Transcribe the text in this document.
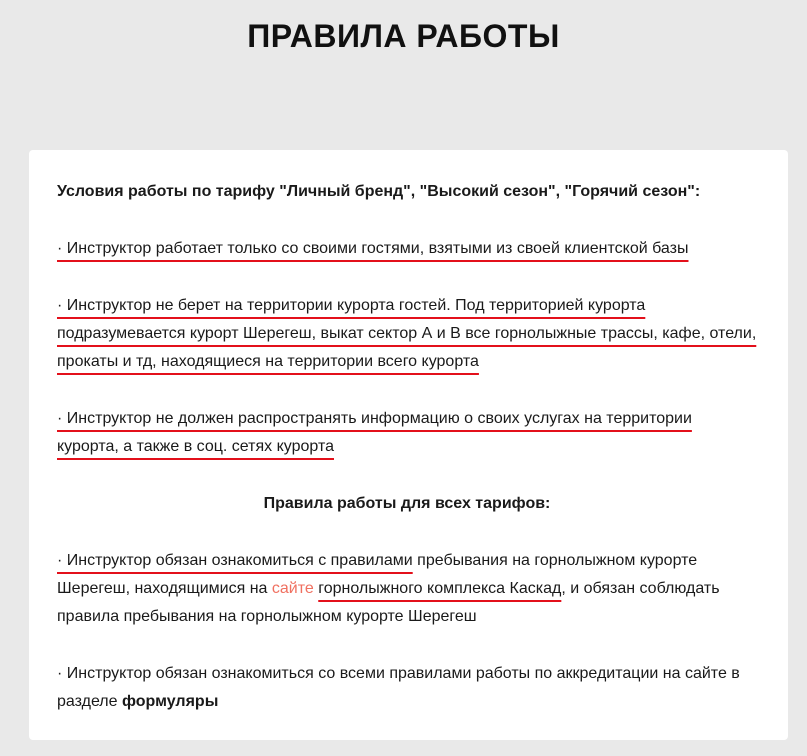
ПРАВИЛА РАБОТЫ

Условия работы по тарифу "Личный бренд", "Высокий сезон", "Горячий сезон":

· Инструктор работает только со своими гостями, взятыми из своей клиентской базы

· Инструктор не берет на территории курорта гостей. Под территорией курорта подразумевается курорт Шерегеш, выкат сектор А и В все горнолыжные трассы, кафе, отели, прокаты и тд, находящиеся на территории всего курорта

· Инструктор не должен распространять информацию о своих услугах на территории курорта, а также в соц. сетях курорта

Правила работы для всех тарифов:

· Инструктор обязан ознакомиться с правилами пребывания на горнолыжном курорте Шерегеш, находящимися на сайте горнолыжного комплекса Каскад, и обязан соблюдать правила пребывания на горнолыжном курорте Шерегеш

· Инструктор обязан ознакомиться со всеми правилами работы по аккредитации на сайте в разделе формуляры
